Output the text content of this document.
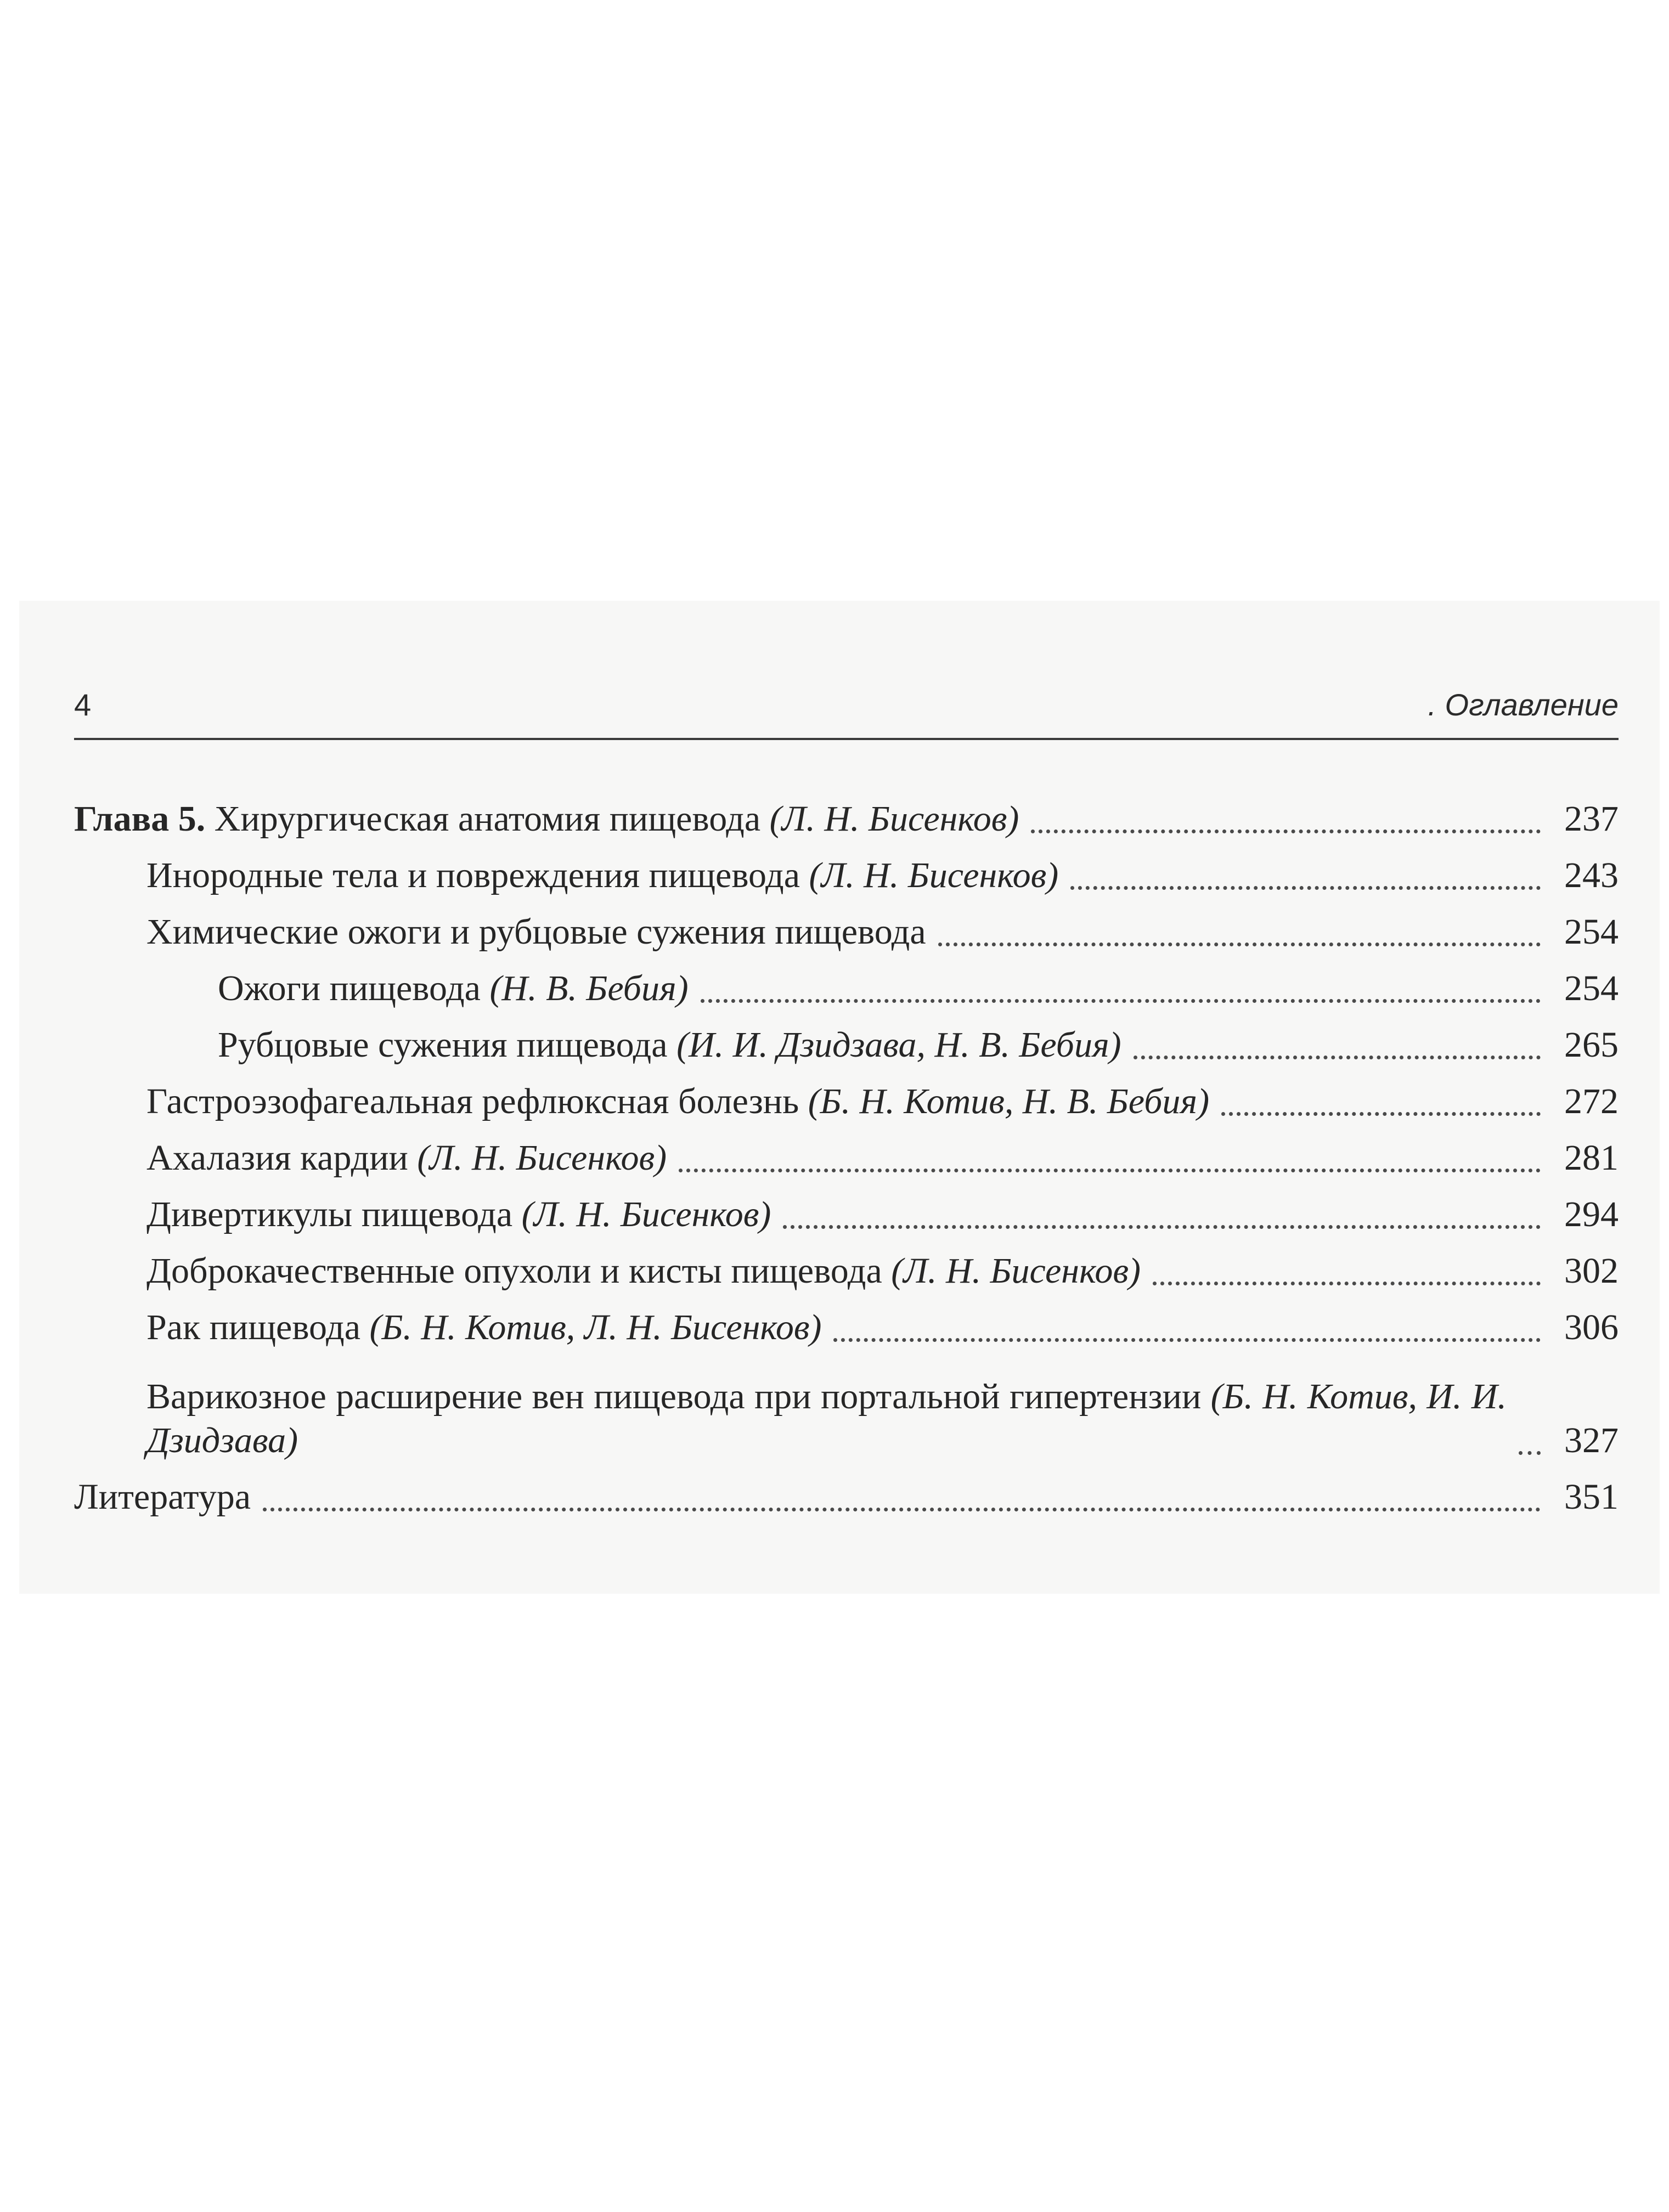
4	. Оглавление
Глава 5. Хирургическая анатомия пищевода (Л. Н. Бисенков)	237
Инородные тела и повреждения пищевода (Л. Н. Бисенков)	243
Химические ожоги и рубцовые сужения пищевода	254
Ожоги пищевода (Н. В. Бебия)	254
Рубцовые сужения пищевода (И. И. Дзидзава, Н. В. Бебия)	265
Гастроэзофагеальная рефлюксная болезнь (Б. Н. Котив, Н. В. Бебия)	272
Ахалазия кардии (Л. Н. Бисенков)	281
Дивертикулы пищевода (Л. Н. Бисенков)	294
Доброкачественные опухоли и кисты пищевода (Л. Н. Бисенков)	302
Рак пищевода (Б. Н. Котив, Л. Н. Бисенков)	306
Варикозное расширение вен пищевода при портальной гипертензии (Б. Н. Котив, И. И. Дзидзава)	327
Литература	351
